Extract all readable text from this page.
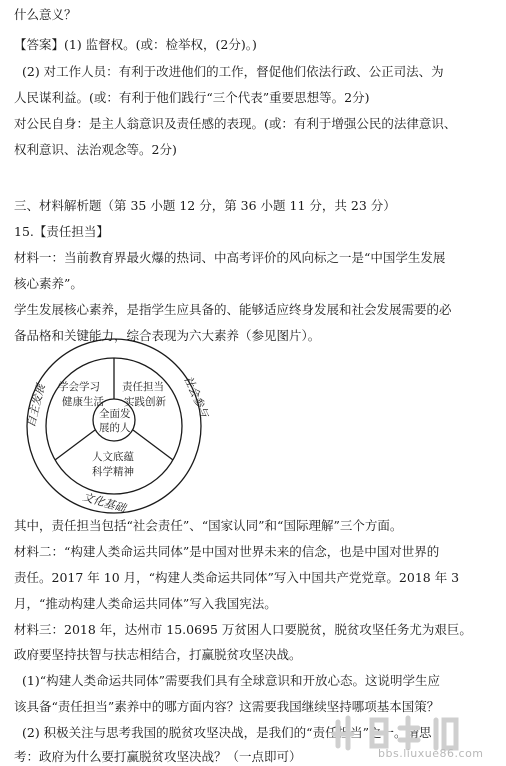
什么意义？
【答案】(1) 监督权。(或：检举权，(2分)。)
(2) 对工作人员：有利于改进他们的工作，督促他们依法行政、公正司法、为
人民谋利益。(或：有利于他们践行“三个代表”重要思想等。2分)
对公民自身：是主人翁意识及责任感的表现。(或：有利于增强公民的法律意识、
权利意识、法治观念等。2分)
三、材料解析题（第 35 小题 12 分，第 36 小题 11 分，共 23 分）
15.【责任担当】
材料一：当前教育界最火爆的热词、中高考评价的风向标之一是“中国学生发展
核心素养”。
学生发展核心素养，是指学生应具备的、能够适应终身发展和社会发展需要的必
备品格和关键能力，综合表现为六大素养（参见图片）。
其中，责任担当包括“社会责任”、“国家认同”和“国际理解”三个方面。
材料二：“构建人类命运共同体”是中国对世界未来的信念，也是中国对世界的
责任。2017 年 10 月，“构建人类命运共同体”写入中国共产党党章。2018 年 3
月，“推动构建人类命运共同体”写入我国宪法。
材料三：2018 年，达州市 15.0695 万贫困人口要脱贫，脱贫攻坚任务尤为艰巨。
政府要坚持扶智与扶志相结合，打赢脱贫攻坚决战。
(1)“构建人类命运共同体”需要我们具有全球意识和开放心态。这说明学生应
该具备“责任担当”素养中的哪方面内容？这需要我国继续坚持哪项基本国策？
(2) 积极关注与思考我国的脱贫攻坚决战，是我们的“责任担当”之一。请思
考：政府为什么要打赢脱贫攻坚决战？（一点即可）
学会学习
健康生活
责任担当
实践创新
全面发
展的人
人文底蕴
科学精神
自主发展	社会参与
文化基础
bbs.liuxue86.com
